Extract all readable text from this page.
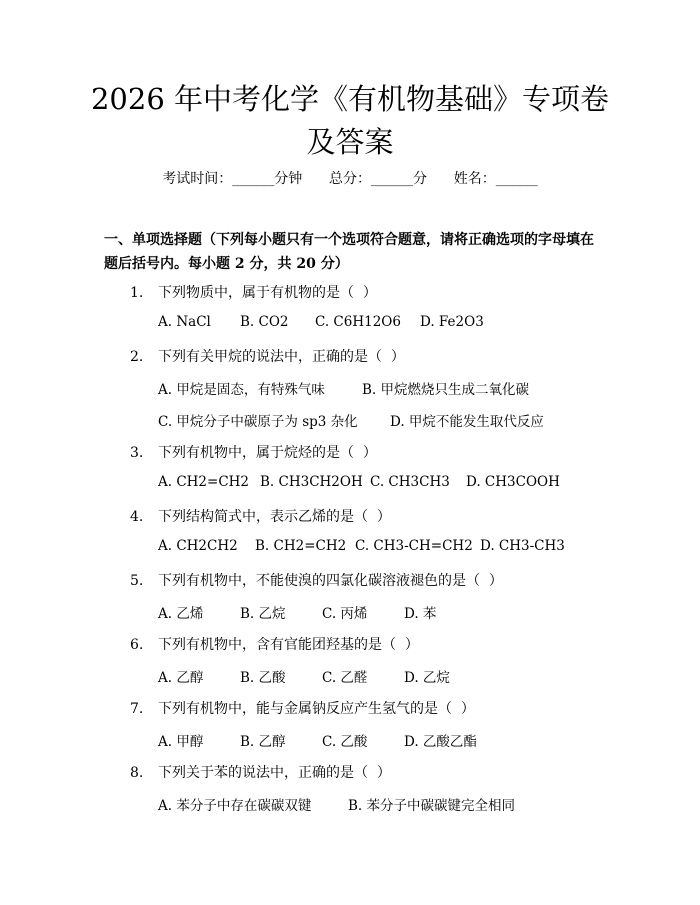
2026 年中考化学《有机物基础》专项卷及答案
考试时间：______分钟 总分：______分 姓名：______
一、单项选择题（下列每小题只有一个选项符合题意，请将正确选项的字母填在题后括号内。每小题 2 分，共 20 分）
1. 下列物质中，属于有机物的是（  ）
A. NaCl B. CO2 C. C6H12O6 D. Fe2O3
2. 下列有关甲烷的说法中，正确的是（  ）
A. 甲烷是固态，有特殊气味	B. 甲烷燃烧只生成二氧化碳
C. 甲烷分子中碳原子为 sp3 杂化 D. 甲烷不能发生取代反应
3. 下列有机物中，属于烷烃的是（  ）
A. CH2=CH2 B. CH3CH2OH C. CH3CH3 D. CH3COOH
4. 下列结构简式中，表示乙烯的是（  ）
A. CH2CH2 B. CH2=CH2 C. CH3-CH=CH2 D. CH3-CH3
5. 下列有机物中，不能使溴的四氯化碳溶液褪色的是（  ）
A. 乙烯	B. 乙烷	C. 丙烯	D. 苯
6. 下列有机物中，含有官能团羟基的是（  ）
A. 乙醇	B. 乙酸	C. 乙醛	D. 乙烷
7. 下列有机物中，能与金属钠反应产生氢气的是（  ）
A. 甲醇	B. 乙醇	C. 乙酸	D. 乙酸乙酯
8. 下列关于苯的说法中，正确的是（  ）
A. 苯分子中存在碳碳双键	B. 苯分子中碳碳键完全相同
